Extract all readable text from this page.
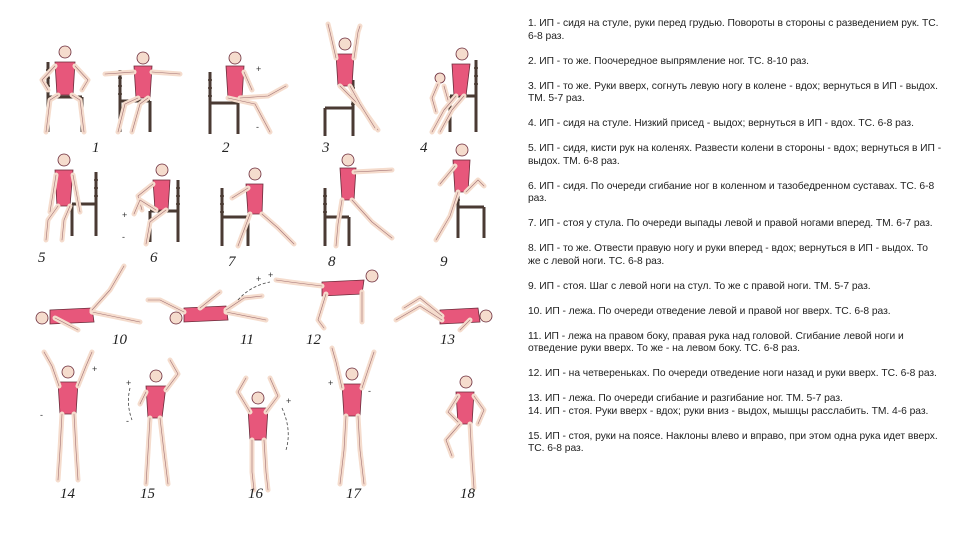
1
+
-
2	3	4
5
+
-
6	7	8	9
10
+
11
+
12	13
-
+
14
+
-
15
+
16
+
-
17	18

1. ИП - сидя на стуле, руки перед грудью. Повороты в стороны с разведением рук. ТС. 6-8 раз.

2. ИП - то же. Поочередное выпрямление ног. ТС. 8-10 раз.

3. ИП - то же. Руки вверх, согнуть левую ногу в колене - вдох; вернуться в ИП - выдох. ТМ. 5-7 раз.

4. ИП - сидя на стуле. Низкий присед - выдох; вернуться в ИП - вдох. ТС. 6-8 раз.

5. ИП - сидя, кисти рук на коленях. Развести колени в стороны - вдох; вернуться в ИП - выдох. ТМ. 6-8 раз.

6. ИП - сидя. По очереди сгибание ног в коленном и тазобедренном суставах. ТС. 6-8 раз.

7. ИП - стоя у стула. По очереди выпады левой и правой ногами вперед. ТМ. 6-7 раз.

8. ИП - то же. Отвести правую ногу и руки вперед - вдох; вернуться в ИП - выдох. То же с левой ноги. ТС. 6-8 раз.

9. ИП - стоя. Шаг с левой ноги на стул. То же с правой ноги. ТМ. 5-7 раз.

10. ИП - лежа. По очереди отведение левой и правой ног вверх. ТС. 6-8 раз.

11. ИП - лежа на правом боку, правая рука над головой. Сгибание левой ноги и отведение руки вверх. То же - на левом боку. ТС. 6-8 раз.

12. ИП - на четвереньках. По очереди отведение ноги назад и руки вверх. ТС. 6-8 раз.

13. ИП - лежа. По очереди сгибание и разгибание ног. ТМ. 5-7 раз.

14. ИП - стоя. Руки вверх - вдох; руки вниз - выдох, мышцы расслабить. ТМ. 4-6 раз.

15. ИП - стоя, руки на поясе. Наклоны влево и вправо, при этом одна рука идет вверх. ТС. 6-8 раз.
